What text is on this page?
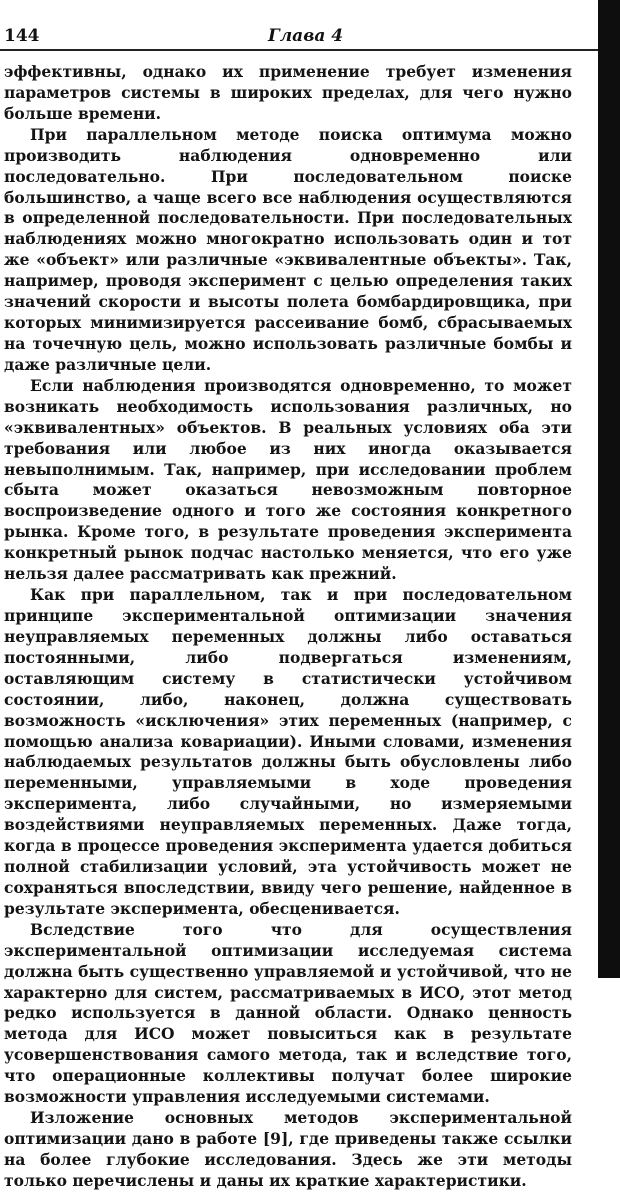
144	Глава 4

эффективны, однако их применение требует изменения параметров системы в широких пределах, для чего нужно больше времени.

При параллельном методе поиска оптимума можно производить наблюдения одновременно или последовательно. При последовательном поиске большинство, а чаще всего все наблюдения осуществляются в определенной последовательности. При последовательных наблюдениях можно многократно использовать один и тот же «объект» или различные «эквивалентные объекты». Так, например, проводя эксперимент с целью определения таких значений скорости и высоты полета бомбардировщика, при которых минимизируется рассеивание бомб, сбрасываемых на точечную цель, можно использовать различные бомбы и даже различные цели.

Если наблюдения производятся одновременно, то может возникать необходимость использования различных, но «эквивалентных» объектов. В реальных условиях оба эти требования или любое из них иногда оказывается невыполнимым. Так, например, при исследовании проблем сбыта может оказаться невозможным повторное воспроизведение одного и того же состояния конкретного рынка. Кроме того, в результате проведения эксперимента конкретный рынок подчас настолько меняется, что его уже нельзя далее рассматривать как прежний.

Как при параллельном, так и при последовательном принципе экспериментальной оптимизации значения неуправляемых переменных должны либо оставаться постоянными, либо подвергаться изменениям, оставляющим систему в статистически устойчивом состоянии, либо, наконец, должна существовать возможность «исключения» этих переменных (например, с помощью анализа ковариации). Иными словами, изменения наблюдаемых результатов должны быть обусловлены либо переменными, управляемыми в ходе проведения эксперимента, либо случайными, но измеряемыми воздействиями неуправляемых переменных. Даже тогда, когда в процессе проведения эксперимента удается добиться полной стабилизации условий, эта устойчивость может не сохраняться впоследствии, ввиду чего решение, найденное в результате эксперимента, обесценивается.

Вследствие того что для осуществления экспериментальной оптимизации исследуемая система должна быть существенно управляемой и устойчивой, что не характерно для систем, рассматриваемых в ИСО, этот метод редко используется в данной области. Однако ценность метода для ИСО может повыситься как в результате усовершенствования самого метода, так и вследствие того, что операционные коллективы получат более широкие возможности управления исследуемыми системами.

Изложение основных методов экспериментальной оптимизации дано в работе [9], где приведены также ссылки на более глубокие исследования. Здесь же эти методы только перечислены и даны их краткие характеристики.
